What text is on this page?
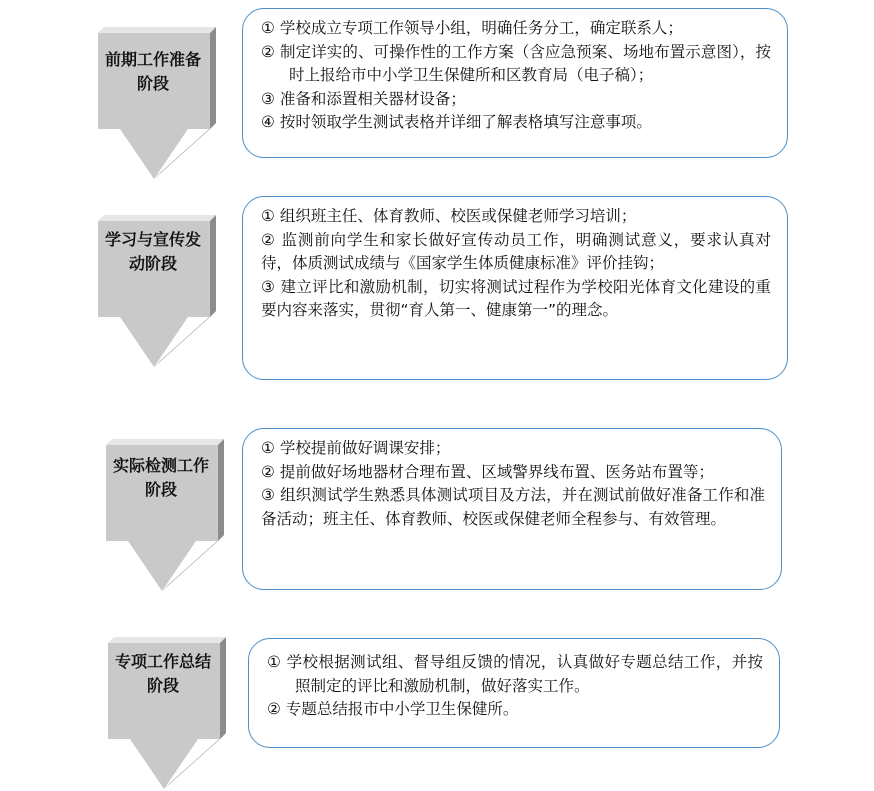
前期工作准备阶段

① 学校成立专项工作领导小组，明确任务分工，确定联系人；

② 制定详实的、可操作性的工作方案（含应急预案、场地布置示意图），按时上报给市中小学卫生保健所和区教育局（电子稿）；

③ 准备和添置相关器材设备；

④ 按时领取学生测试表格并详细了解表格填写注意事项。

学习与宣传发动阶段

① 组织班主任、体育教师、校医或保健老师学习培训；

② 监测前向学生和家长做好宣传动员工作，明确测试意义，要求认真对待，体质测试成绩与《国家学生体质健康标准》评价挂钩；

③ 建立评比和激励机制，切实将测试过程作为学校阳光体育文化建设的重要内容来落实，贯彻“育人第一、健康第一”的理念。

实际检测工作阶段

① 学校提前做好调课安排；

② 提前做好场地器材合理布置、区域警界线布置、医务站布置等；

③ 组织测试学生熟悉具体测试项目及方法，并在测试前做好准备工作和准备活动；班主任、体育教师、校医或保健老师全程参与、有效管理。

专项工作总结阶段

① 学校根据测试组、督导组反馈的情况，认真做好专题总结工作，并按照制定的评比和激励机制，做好落实工作。

② 专题总结报市中小学卫生保健所。
